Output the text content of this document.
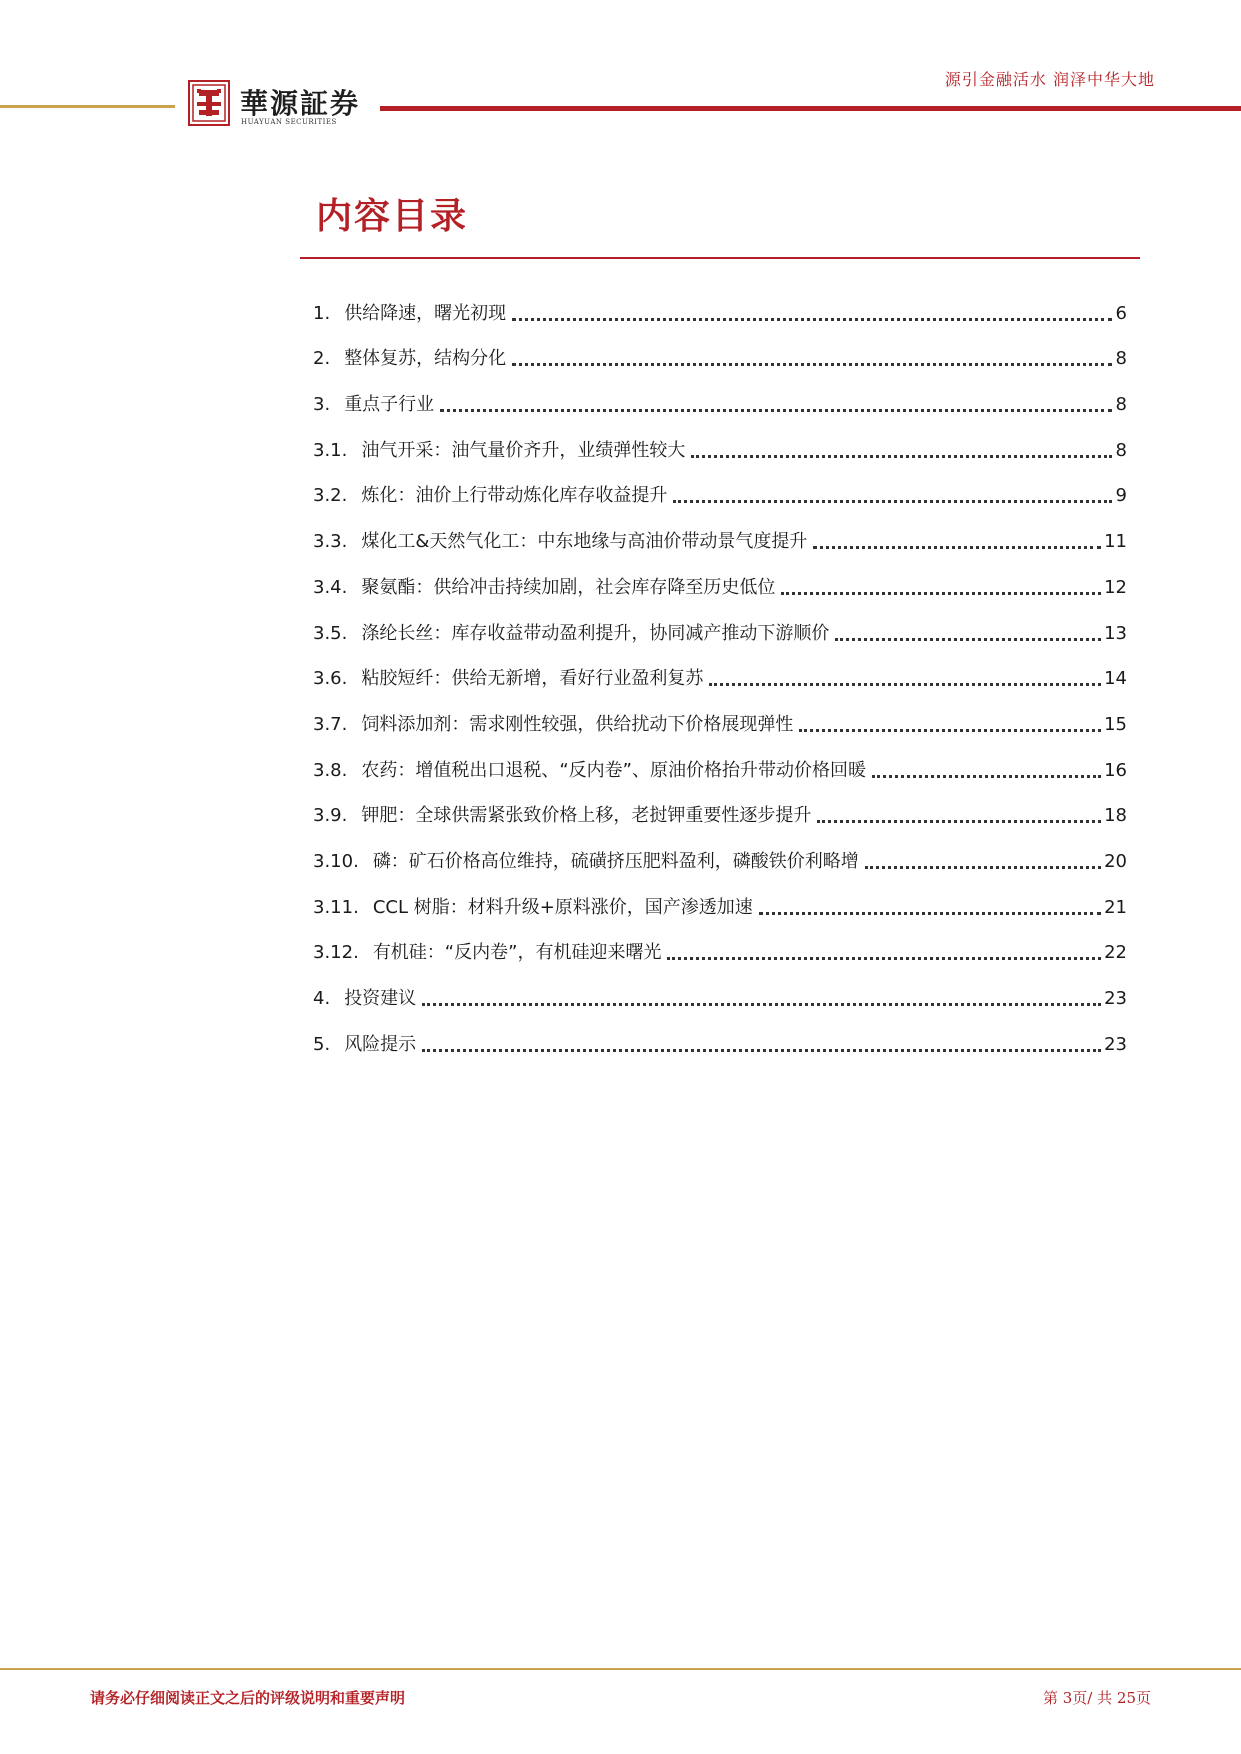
華源証券
HUAYUAN SECURITIES
源引金融活水 润泽中华大地
内容目录
1. 供给降速，曙光初现	6
2. 整体复苏，结构分化	8
3. 重点子行业	8
3.1. 油气开采：油气量价齐升，业绩弹性较大	8
3.2. 炼化：油价上行带动炼化库存收益提升	9
3.3. 煤化工&天然气化工：中东地缘与高油价带动景气度提升	11
3.4. 聚氨酯：供给冲击持续加剧，社会库存降至历史低位	12
3.5. 涤纶长丝：库存收益带动盈利提升，协同减产推动下游顺价	13
3.6. 粘胶短纤：供给无新增，看好行业盈利复苏	14
3.7. 饲料添加剂：需求刚性较强，供给扰动下价格展现弹性	15
3.8. 农药：增值税出口退税、“反内卷”、原油价格抬升带动价格回暖	16
3.9. 钾肥：全球供需紧张致价格上移，老挝钾重要性逐步提升	18
3.10. 磷：矿石价格高位维持，硫磺挤压肥料盈利，磷酸铁价利略增	20
3.11. CCL 树脂：材料升级+原料涨价，国产渗透加速	21
3.12. 有机硅：“反内卷”，有机硅迎来曙光	22
4. 投资建议	23
5. 风险提示	23
请务必仔细阅读正文之后的评级说明和重要声明	第 3页/ 共 25页
